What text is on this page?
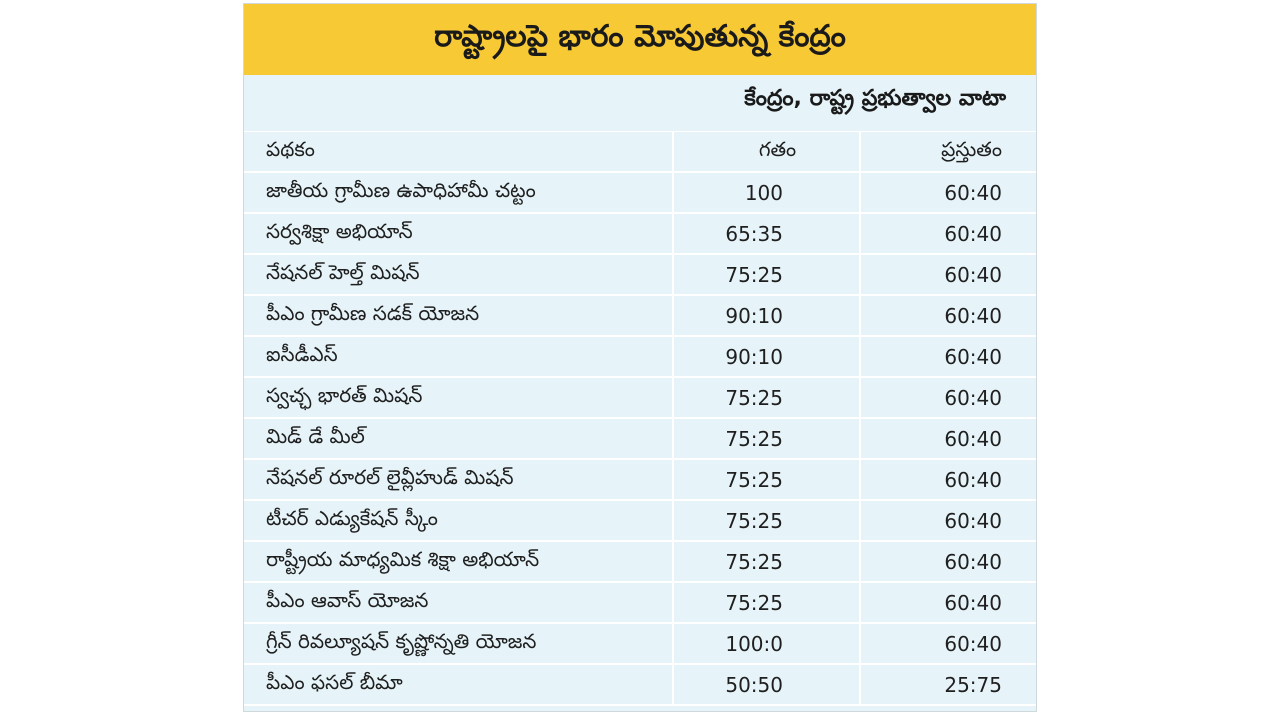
రాష్ట్రాలపై భారం మోపుతున్న కేంద్రం
కేంద్రం, రాష్ట్ర ప్రభుత్వాల వాటా
పథకం	గతం	ప్రస్తుతం
జాతీయ గ్రామీణ ఉపాధిహామీ చట్టం	100	60:40
సర్వశిక్షా అభియాన్	65:35	60:40
నేషనల్ హెల్త్ మిషన్	75:25	60:40
పీఎం గ్రామీణ సడక్ యోజన	90:10	60:40
ఐసీడీఎస్	90:10	60:40
స్వచ్ఛ భారత్ మిషన్	75:25	60:40
మిడ్ డే మీల్	75:25	60:40
నేషనల్ రూరల్ లైవ్లీహుడ్ మిషన్	75:25	60:40
టీచర్ ఎడ్యుకేషన్ స్కీం	75:25	60:40
రాష్ట్రీయ మాధ్యమిక శిక్షా అభియాన్	75:25	60:40
పీఎం ఆవాస్ యోజన	75:25	60:40
గ్రీన్ రివల్యూషన్ కృష్ణోన్నతి యోజన	100:0	60:40
పీఎం ఫసల్ బీమా	50:50	25:75
